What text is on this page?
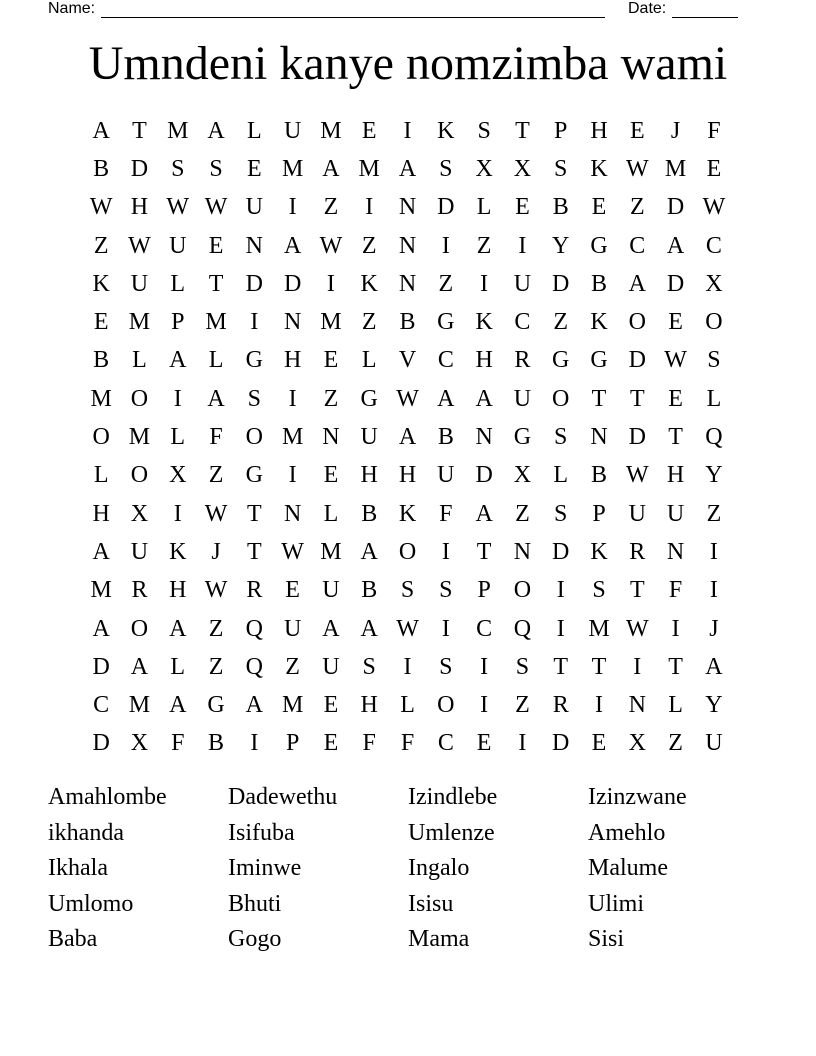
Name:	Date:
Umndeni kanye nomzimba wami
A T M A L U M E	I	K S	T	P H E	J	F
B D S	S	E M A M A S X X S K W M E
W H W W U	I	Z	I	N D L E B E Z D W
Z W U E N A W Z N	I	Z	I	Y G C A C
K U L T D D	I	K N Z	I	U D B A D X
E M P M I	N M Z B G K C Z K O E O
B L A L G H E L V C H R G G D W S
M O	I	A S	I	Z G W A A U O T T E L
O M L	F O M N U A B N G S N D T Q
L O X Z G	I	E H H U D X L B W H Y
H X	I W T N L B K F A Z	S	P U U Z
A U K	J	T W M A O	I	T N D K R N	I
M R H W R E U B S	S	P O	I	S	T	F	I
A O A Z Q U A A W I	C Q	I M W I	J
D A L Z Q Z U S	I	S	I	S	T T	I	T A
C M A G A M E H L O	I	Z R	I	N L Y
D X F B	I	P	E	F	F C E	I	D E X Z U
Amahlombe	Dadewethu	Izindlebe	Izinzwane
ikhanda	Isifuba	Umlenze	Amehlo
Ikhala	Iminwe	Ingalo	Malume
Umlomo	Bhuti	Isisu	Ulimi
Baba	Gogo	Mama	Sisi
